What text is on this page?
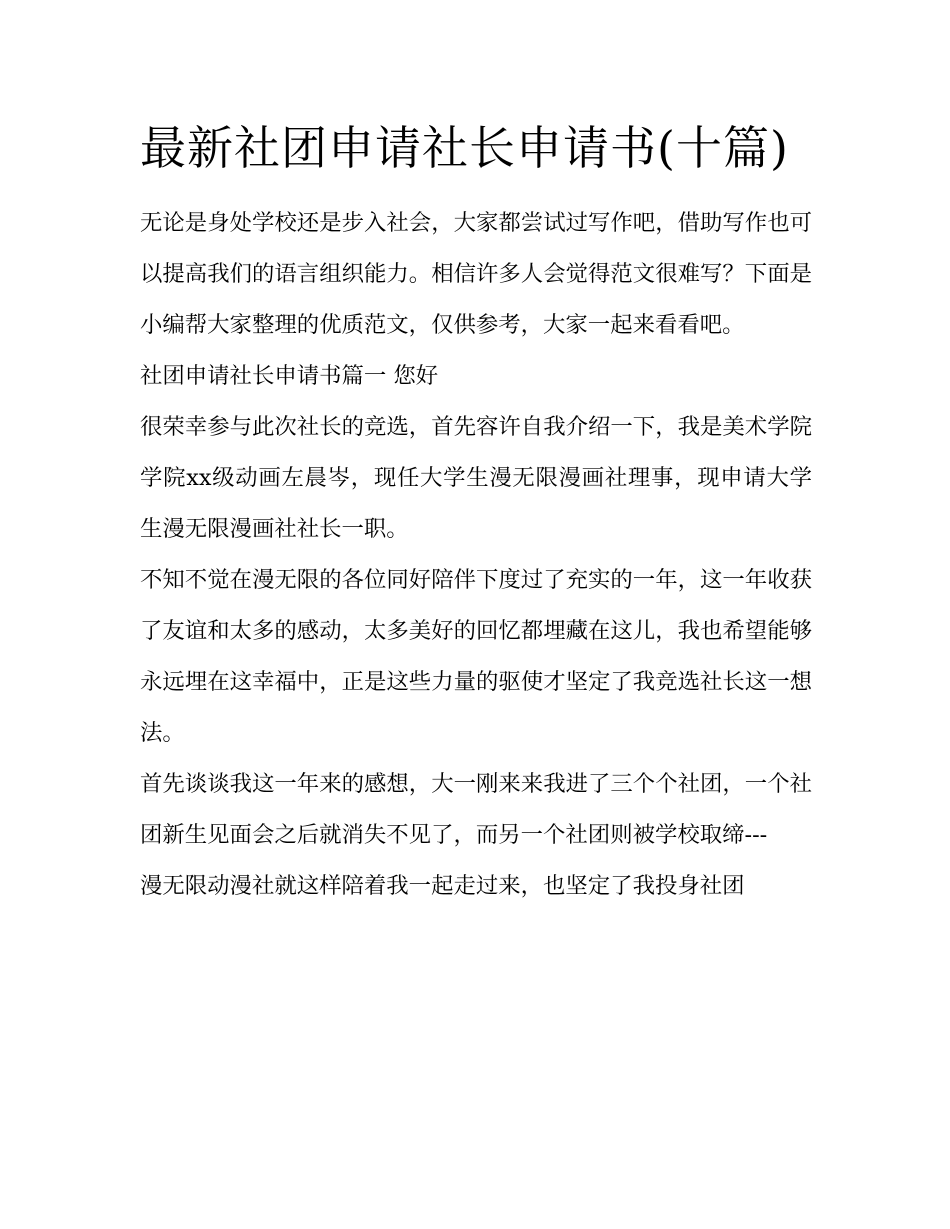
最新社团申请社长申请书(十篇)

无论是身处学校还是步入社会，大家都尝试过写作吧，借助写作也可以提高我们的语言组织能力。相信许多人会觉得范文很难写？下面是小编帮大家整理的优质范文，仅供参考，大家一起来看看吧。

社团申请社长申请书篇一 您好

很荣幸参与此次社长的竞选，首先容许自我介绍一下，我是美术学院学院xx级动画左晨岑，现任大学生漫无限漫画社理事，现申请大学生漫无限漫画社社长一职。

不知不觉在漫无限的各位同好陪伴下度过了充实的一年，这一年收获了友谊和太多的感动，太多美好的回忆都埋藏在这儿，我也希望能够永远埋在这幸福中，正是这些力量的驱使才坚定了我竞选社长这一想法。

首先谈谈我这一年来的感想，大一刚来来我进了三个个社团，一个社团新生见面会之后就消失不见了，而另一个社团则被学校取缔---

漫无限动漫社就这样陪着我一起走过来，也坚定了我投身社团
